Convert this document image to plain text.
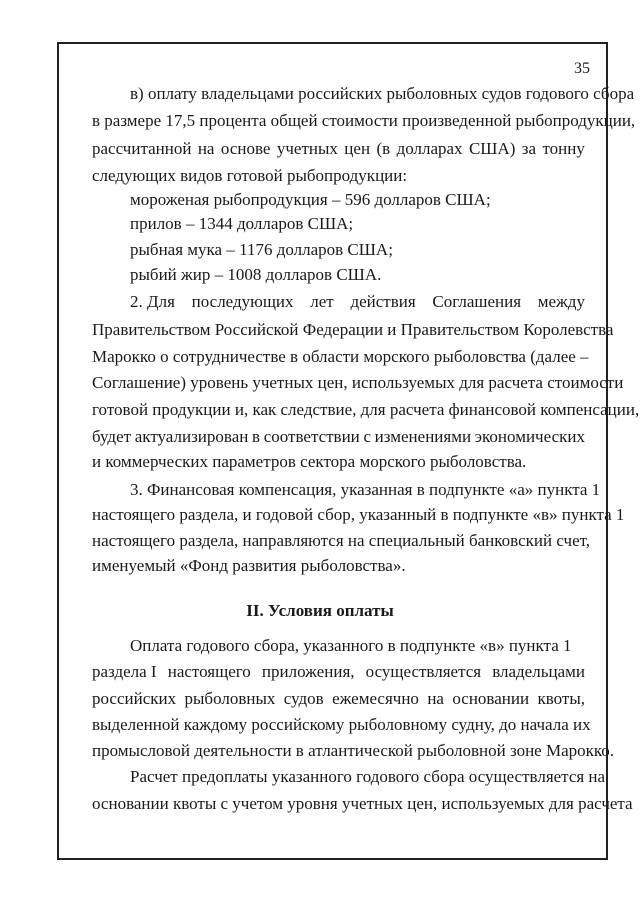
35
в) оплату владельцами российских рыболовных судов годового сбора
в размере 17,5 процента общей стоимости произведенной рыбопродукции,
рассчитанной на основе учетных цен (в долларах США) за тонну
следующих видов готовой рыбопродукции:
мороженая рыбопродукция – 596 долларов США;
прилов – 1344 долларов США;
рыбная мука – 1176 долларов США;
рыбий жир – 1008 долларов США.
2. Для последующих лет действия Соглашения между
Правительством Российской Федерации и Правительством Королевства
Марокко о сотрудничестве в области морского рыболовства (далее –
Соглашение) уровень учетных цен, используемых для расчета стоимости
готовой продукции и, как следствие, для расчета финансовой компенсации,
будет актуализирован в соответствии с изменениями экономических
и коммерческих параметров сектора морского рыболовства.
3. Финансовая компенсация, указанная в подпункте «а» пункта 1
настоящего раздела, и годовой сбор, указанный в подпункте «в» пункта 1
настоящего раздела, направляются на специальный банковский счет,
именуемый «Фонд развития рыболовства».
II. Условия оплаты
Оплата годового сбора, указанного в подпункте «в» пункта 1
раздела I настоящего приложения, осуществляется владельцами
российских рыболовных судов ежемесячно на основании квоты,
выделенной каждому российскому рыболовному судну, до начала их
промысловой деятельности в атлантической рыболовной зоне Марокко.
Расчет предоплаты указанного годового сбора осуществляется на
основании квоты с учетом уровня учетных цен, используемых для расчета
